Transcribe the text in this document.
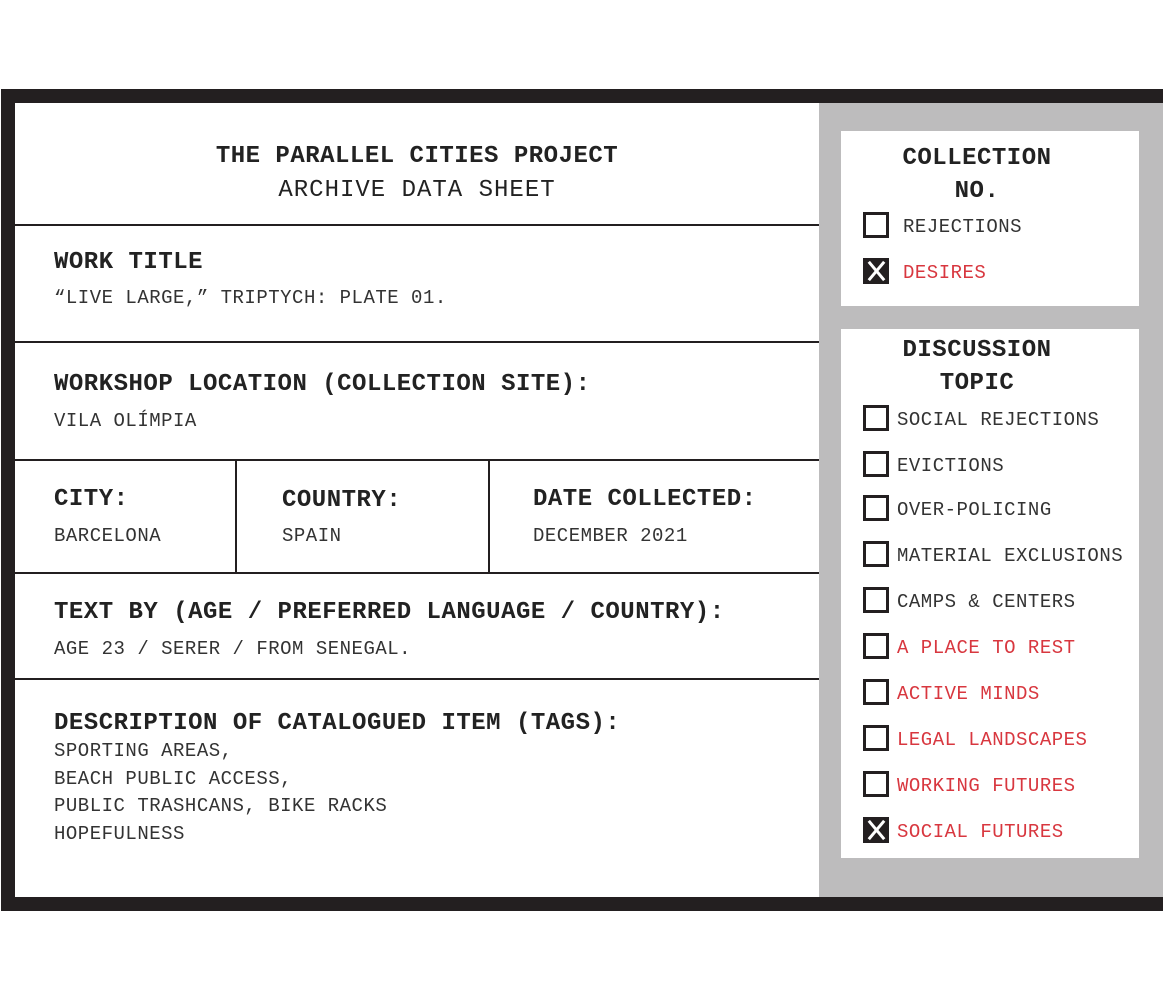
THE PARALLEL CITIES PROJECT
ARCHIVE DATA SHEET
WORK TITLE
“LIVE LARGE,” TRIPTYCH: PLATE 01.
WORKSHOP LOCATION (COLLECTION SITE):
VILA OLÍMPIA
CITY:
BARCELONA
COUNTRY:
SPAIN
DATE COLLECTED:
DECEMBER 2021
TEXT BY (AGE / PREFERRED LANGUAGE / COUNTRY):
AGE 23 / SERER / FROM SENEGAL.
DESCRIPTION OF CATALOGUED ITEM (TAGS):
SPORTING AREAS,
BEACH PUBLIC ACCESS,
PUBLIC TRASHCANS, BIKE RACKS
HOPEFULNESS
COLLECTION
NO.
REJECTIONS
DESIRES
DISCUSSION
TOPIC
SOCIAL REJECTIONS
EVICTIONS
OVER-POLICING
MATERIAL EXCLUSIONS
CAMPS & CENTERS
A PLACE TO REST
ACTIVE MINDS
LEGAL LANDSCAPES
WORKING FUTURES
SOCIAL FUTURES
